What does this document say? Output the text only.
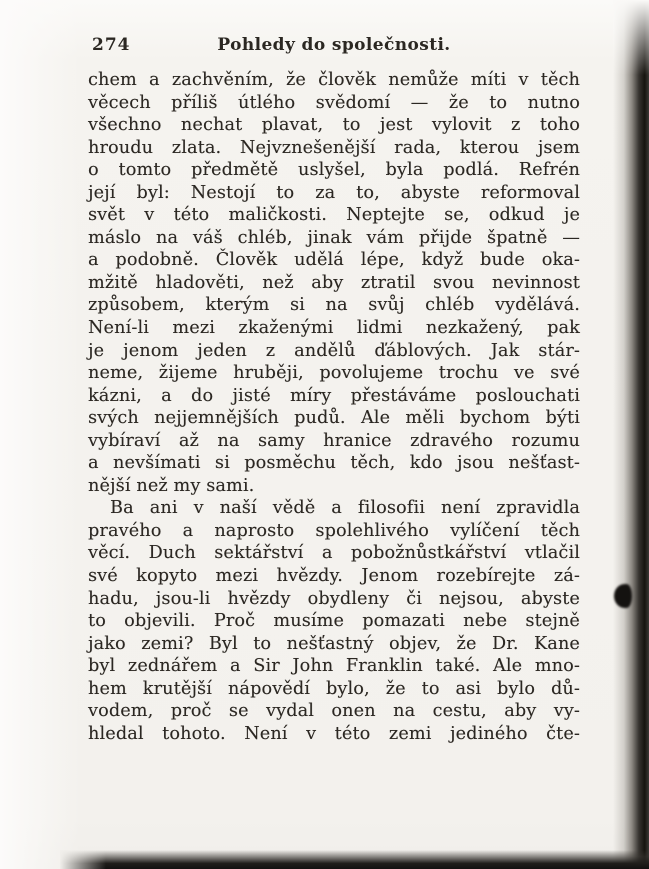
274	Pohledy do společnosti.
chem a zachvěním, že člověk nemůže míti v těch
věcech příliš útlého svědomí — že to nutno
všechno nechat plavat, to jest vylovit z toho
hroudu zlata. Nejvznešenější rada, kterou jsem
o tomto předmětě uslyšel, byla podlá. Refrén
její byl: Nestojí to za to, abyste reformoval
svět v této maličkosti. Neptejte se, odkud je
máslo na váš chléb, jinak vám přijde špatně —
a podobně. Člověk udělá lépe, když bude oka-
mžitě hladověti, než aby ztratil svou nevinnost
způsobem, kterým si na svůj chléb vydělává.
Není-li mezi zkaženými lidmi nezkažený, pak
je jenom jeden z andělů ďáblových. Jak stár-
neme, žijeme hruběji, povolujeme trochu ve své
kázni, a do jisté míry přestáváme poslouchati
svých nejjemnějších pudů. Ale měli bychom býti
vybíraví až na samy hranice zdravého rozumu
a nevšímati si posměchu těch, kdo jsou nešťast-
nější než my sami.
Ba ani v naší vědě a filosofii není zpravidla
pravého a naprosto spolehlivého vylíčení těch
věcí. Duch sektářství a pobožnůstkářství vtlačil
své kopyto mezi hvězdy. Jenom rozebírejte zá-
hadu, jsou-li hvězdy obydleny či nejsou, abyste
to objevili. Proč musíme pomazati nebe stejně
jako zemi? Byl to nešťastný objev, že Dr. Kane
byl zednářem a Sir John Franklin také. Ale mno-
hem krutější nápovědí bylo, že to asi bylo dů-
vodem, proč se vydal onen na cestu, aby vy-
hledal tohoto. Není v této zemi jediného čte-
